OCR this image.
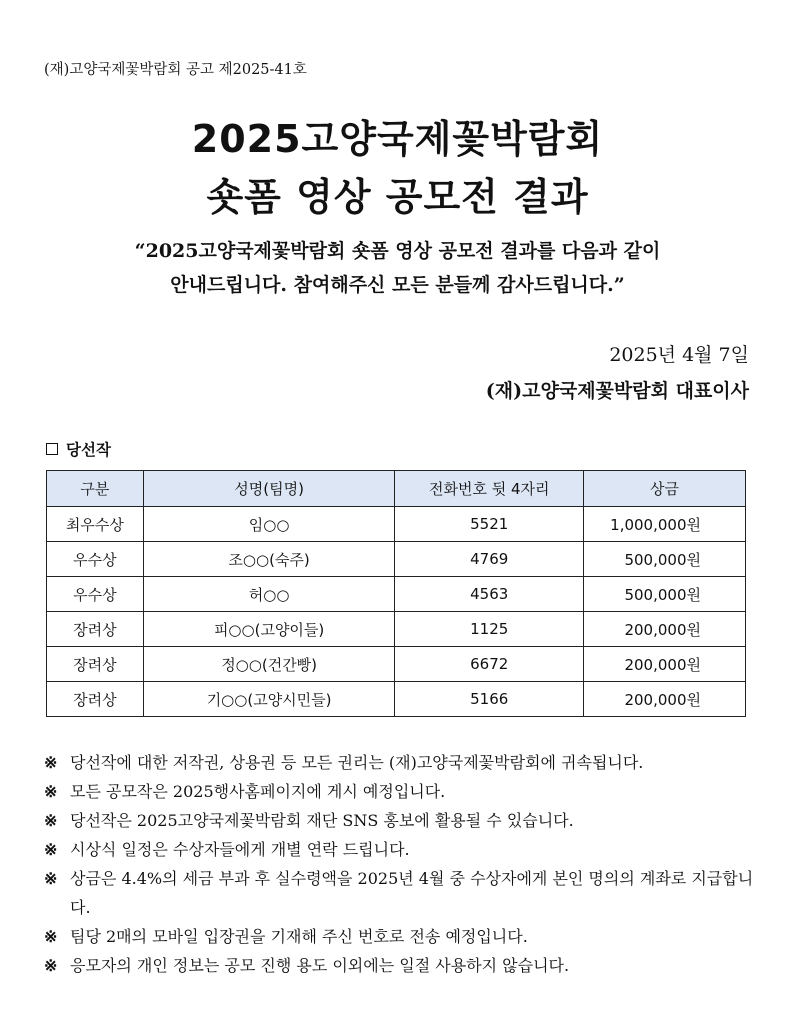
(재)고양국제꽃박람회 공고 제2025-41호
2025고양국제꽃박람회
숏폼 영상 공모전 결과
“2025고양국제꽃박람회 숏폼 영상 공모전 결과를 다음과 같이
안내드립니다. 참여해주신 모든 분들께 감사드립니다.”
2025년 4월 7일
(재)고양국제꽃박람회 대표이사
당선작
구분	성명(팀명)	전화번호 뒷 4자리	상금
최우수상	임○○	5521	1,000,000원
우수상	조○○(숙주)	4769	500,000원
우수상	허○○	4563	500,000원
장려상	피○○(고양이들)	1125	200,000원
장려상	정○○(건간빵)	6672	200,000원
장려상	기○○(고양시민들)	5166	200,000원
※ 당선작에 대한 저작권, 상용권 등 모든 권리는 (재)고양국제꽃박람회에 귀속됩니다.
※ 모든 공모작은 2025행사홈페이지에 게시 예정입니다.
※ 당선작은 2025고양국제꽃박람회 재단 SNS 홍보에 활용될 수 있습니다.
※ 시상식 일정은 수상자들에게 개별 연락 드립니다.
※ 상금은 4.4%의 세금 부과 후 실수령액을 2025년 4월 중 수상자에게 본인 명의의 계좌로 지급합니다.
※ 팀당 2매의 모바일 입장권을 기재해 주신 번호로 전송 예정입니다.
※ 응모자의 개인 정보는 공모 진행 용도 이외에는 일절 사용하지 않습니다.
